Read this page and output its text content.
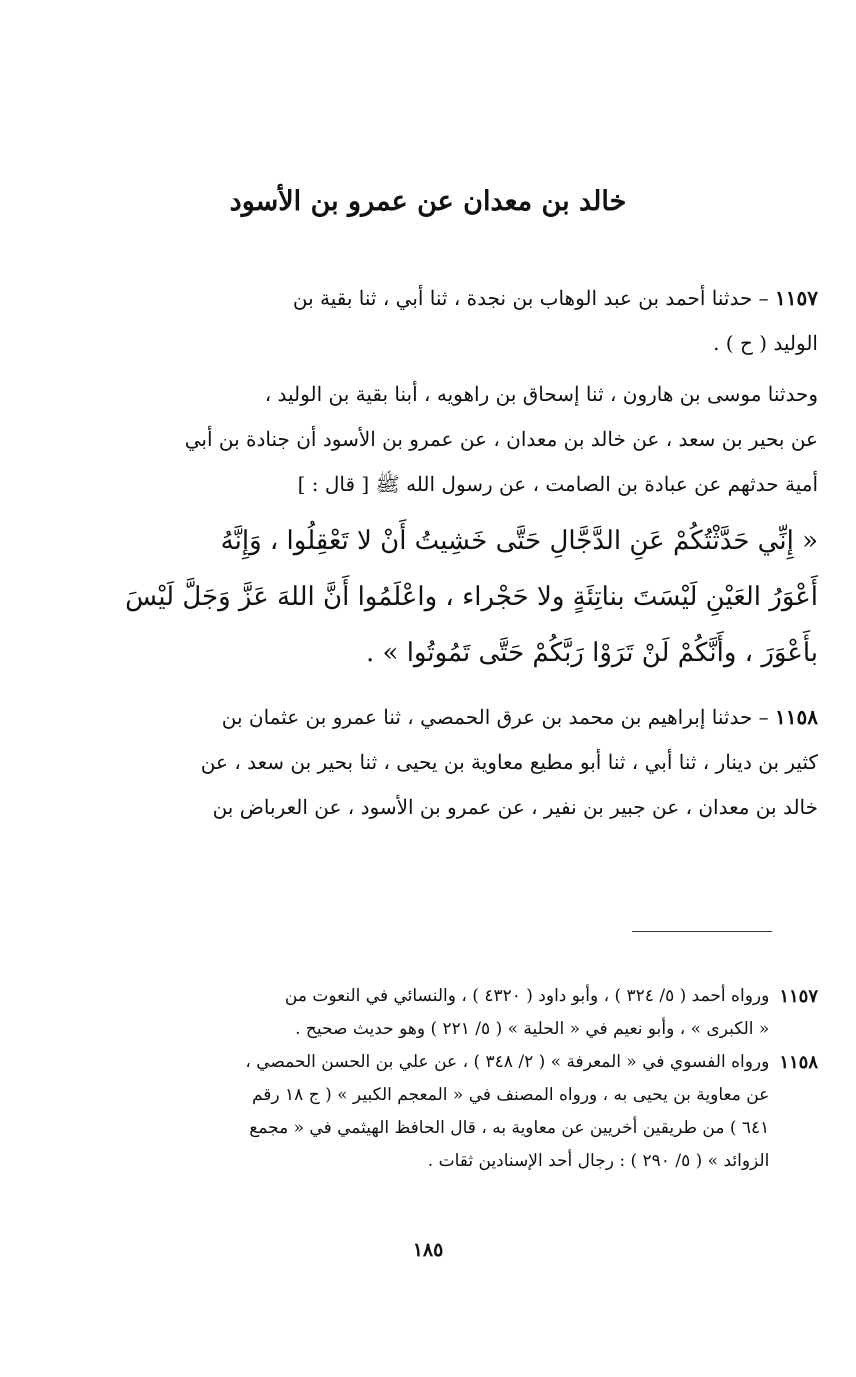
خالد بن معدان عن عمرو بن الأسود

١١٥٧ – حدثنا أحمد بن عبد الوهاب بن نجدة ، ثنا أبي ، ثنا بقية بن
الوليد ( ح ) .

وحدثنا موسى بن هارون ، ثنا إسحاق بن راهويه ، أبنا بقية بن الوليد ،
عن بحير بن سعد ، عن خالد بن معدان ، عن عمرو بن الأسود أن جنادة بن أبي
أمية حدثهم عن عبادة بن الصامت ، عن رسول الله ﷺ [ قال : ]

« إِنِّي حَدَّثْتُكُمْ عَنِ الدَّجَّالِ حَتَّى خَشِيتُ أَنْ لا تَعْقِلُوا ، وَإِنَّهُ
أَعْوَرُ العَيْنِ لَيْسَتَ بناتِئَةٍ ولا حَجْراء ، واعْلَمُوا أَنَّ اللهَ عَزَّ وَجَلَّ لَيْسَ
بأَعْوَرَ ، وأَنَّكُمْ لَنْ تَرَوْا رَبَّكُمْ حَتَّى تَمُوتُوا » .

١١٥٨ – حدثنا إبراهيم بن محمد بن عرق الحمصي ، ثنا عمرو بن عثمان بن
كثير بن دينار ، ثنا أبي ، ثنا أبو مطيع معاوية بن يحيى ، ثنا بحير بن سعد ، عن
خالد بن معدان ، عن جبير بن نفير ، عن عمرو بن الأسود ، عن العرباض بن

١١٥٧
ورواه أحمد ( ٥/ ٣٢٤ ) ، وأبو داود ( ٤٣٢٠ ) ، والنسائي في النعوت من
« الكبرى » ، وأبو نعيم في « الحلية » ( ٥/ ٢٢١ ) وهو حديث صحيح .
١١٥٨
ورواه الفسوي في « المعرفة » ( ٢/ ٣٤٨ ) ، عن علي بن الحسن الحمصي ،
عن معاوية بن يحيى به ، ورواه المصنف في « المعجم الكبير » ( ج ١٨ رقم
٦٤١ ) من طريقين أخريين عن معاوية به ، قال الحافظ الهيثمي في « مجمع
الزوائد » ( ٥/ ٢٩٠ ) : رجال أحد الإسنادين ثقات .
١٨٥
